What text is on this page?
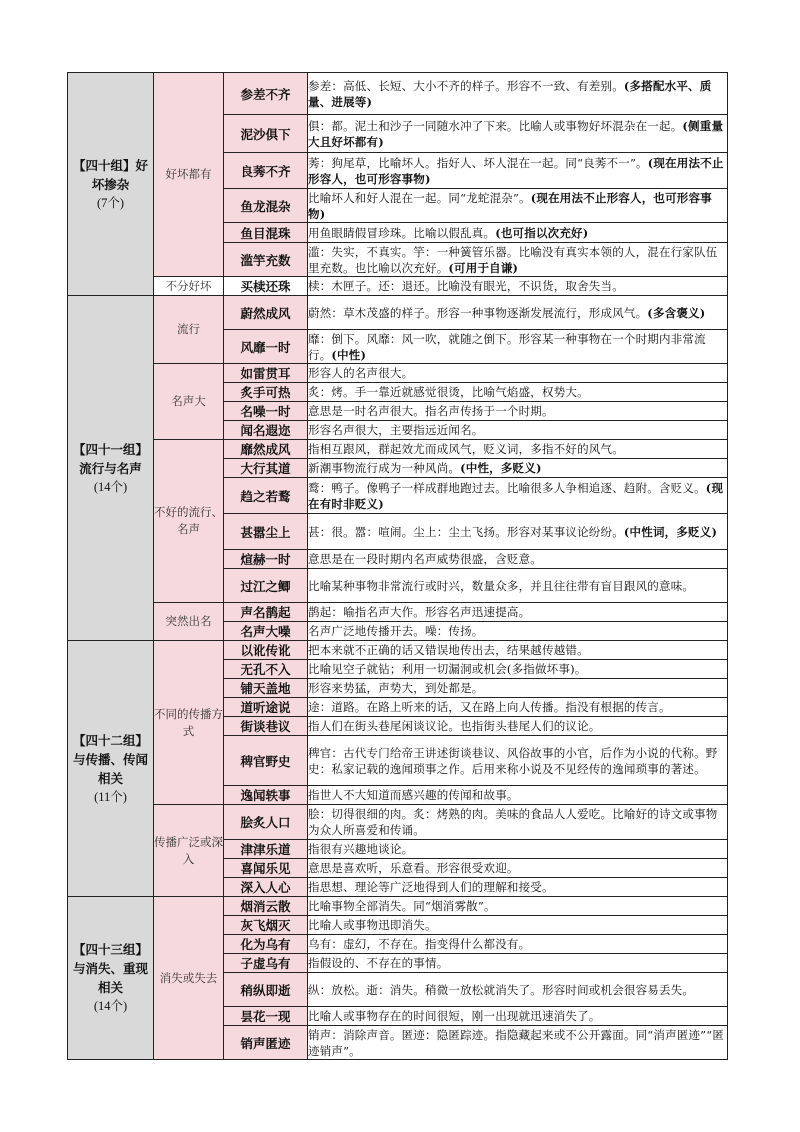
【四十组】好坏掺杂
(7个)	好坏都有	参差不齐	参差：高低、长短、大小不齐的样子。形容不一致、有差别。(多搭配水平、质量、进展等)
		泥沙俱下	俱：都。泥土和沙子一同随水冲了下来。比喻人或事物好坏混杂在一起。(侧重量大且好坏都有)
		良莠不齐	莠：狗尾草，比喻坏人。指好人、坏人混在一起。同“良莠不一”。(现在用法不止形容人，也可形容事物)
		鱼龙混杂	比喻坏人和好人混在一起。同“龙蛇混杂”。(现在用法不止形容人，也可形容事物)
		鱼目混珠	用鱼眼睛假冒珍珠。比喻以假乱真。(也可指以次充好)
		滥竽充数	滥：失实，不真实。竽：一种簧管乐器。比喻没有真实本领的人，混在行家队伍里充数。也比喻以次充好。(可用于自谦)
	不分好坏	买椟还珠	椟：木匣子。还：退还。比喻没有眼光，不识货，取舍失当。

【四十一组】流行与名声
(14个)	流行	蔚然成风	蔚然：草木茂盛的样子。形容一种事物逐渐发展流行，形成风气。(多含褒义)
		风靡一时	靡：倒下。风靡：风一吹，就随之倒下。形容某一种事物在一个时期内非常流行。(中性)
	名声大	如雷贯耳	形容人的名声很大。
		炙手可热	炙：烤。手一靠近就感觉很烫，比喻气焰盛，权势大。
		名噪一时	意思是一时名声很大。指名声传扬于一个时期。
		闻名遐迩	形容名声很大，主要指远近闻名。
	不好的流行、名声	靡然成风	指相互跟风，群起效尤而成风气，贬义词，多指不好的风气。
		大行其道	新潮事物流行成为一种风尚。(中性，多贬义)
		趋之若鹜	鹜：鸭子。像鸭子一样成群地跑过去。比喻很多人争相追逐、趋附。含贬义。(现在有时非贬义)
		甚嚣尘上	甚：很。嚣：喧闹。尘上：尘土飞扬。形容对某事议论纷纷。(中性词，多贬义)
		煊赫一时	意思是在一段时期内名声威势很盛，含贬意。
		过江之鲫	比喻某种事物非常流行或时兴，数量众多，并且往往带有盲目跟风的意味。
	突然出名	声名鹊起	鹊起：喻指名声大作。形容名声迅速提高。
		名声大噪	名声广泛地传播开去。噪：传扬。

【四十二组】与传播、传闻相关
(11个)	不同的传播方式	以讹传讹	把本来就不正确的话又错误地传出去，结果越传越错。
		无孔不入	比喻见空子就钻；利用一切漏洞或机会(多指做坏事)。
		铺天盖地	形容来势猛，声势大，到处都是。
		道听途说	途：道路。在路上听来的话，又在路上向人传播。指没有根据的传言。
		街谈巷议	指人们在街头巷尾闲谈议论。也指街头巷尾人们的议论。
		稗官野史	稗官：古代专门给帝王讲述街谈巷议、风俗故事的小官，后作为小说的代称。野史：私家记载的逸闻琐事之作。后用来称小说及不见经传的逸闻琐事的著述。
		逸闻轶事	指世人不大知道而感兴趣的传闻和故事。
	传播广泛或深入	脍炙人口	脍：切得很细的肉。炙：烤熟的肉。美味的食品人人爱吃。比喻好的诗文或事物为众人所喜爱和传诵。
		津津乐道	指很有兴趣地谈论。
		喜闻乐见	意思是喜欢听，乐意看。形容很受欢迎。
		深入人心	指思想、理论等广泛地得到人们的理解和接受。

【四十三组】与消失、重现相关
(14个)	消失或失去	烟消云散	比喻事物全部消失。同“烟消雾散”。
		灰飞烟灭	比喻人或事物迅即消失。
		化为乌有	乌有：虚幻，不存在。指变得什么都没有。
		子虚乌有	指假设的、不存在的事情。
		稍纵即逝	纵：放松。逝：消失。稍微一放松就消失了。形容时间或机会很容易丢失。
		昙花一现	比喻人或事物存在的时间很短，刚一出现就迅速消失了。
		销声匿迹	销声：消除声音。匿迹：隐匿踪迹。指隐藏起来或不公开露面。同“消声匿迹”“匿迹销声”。
